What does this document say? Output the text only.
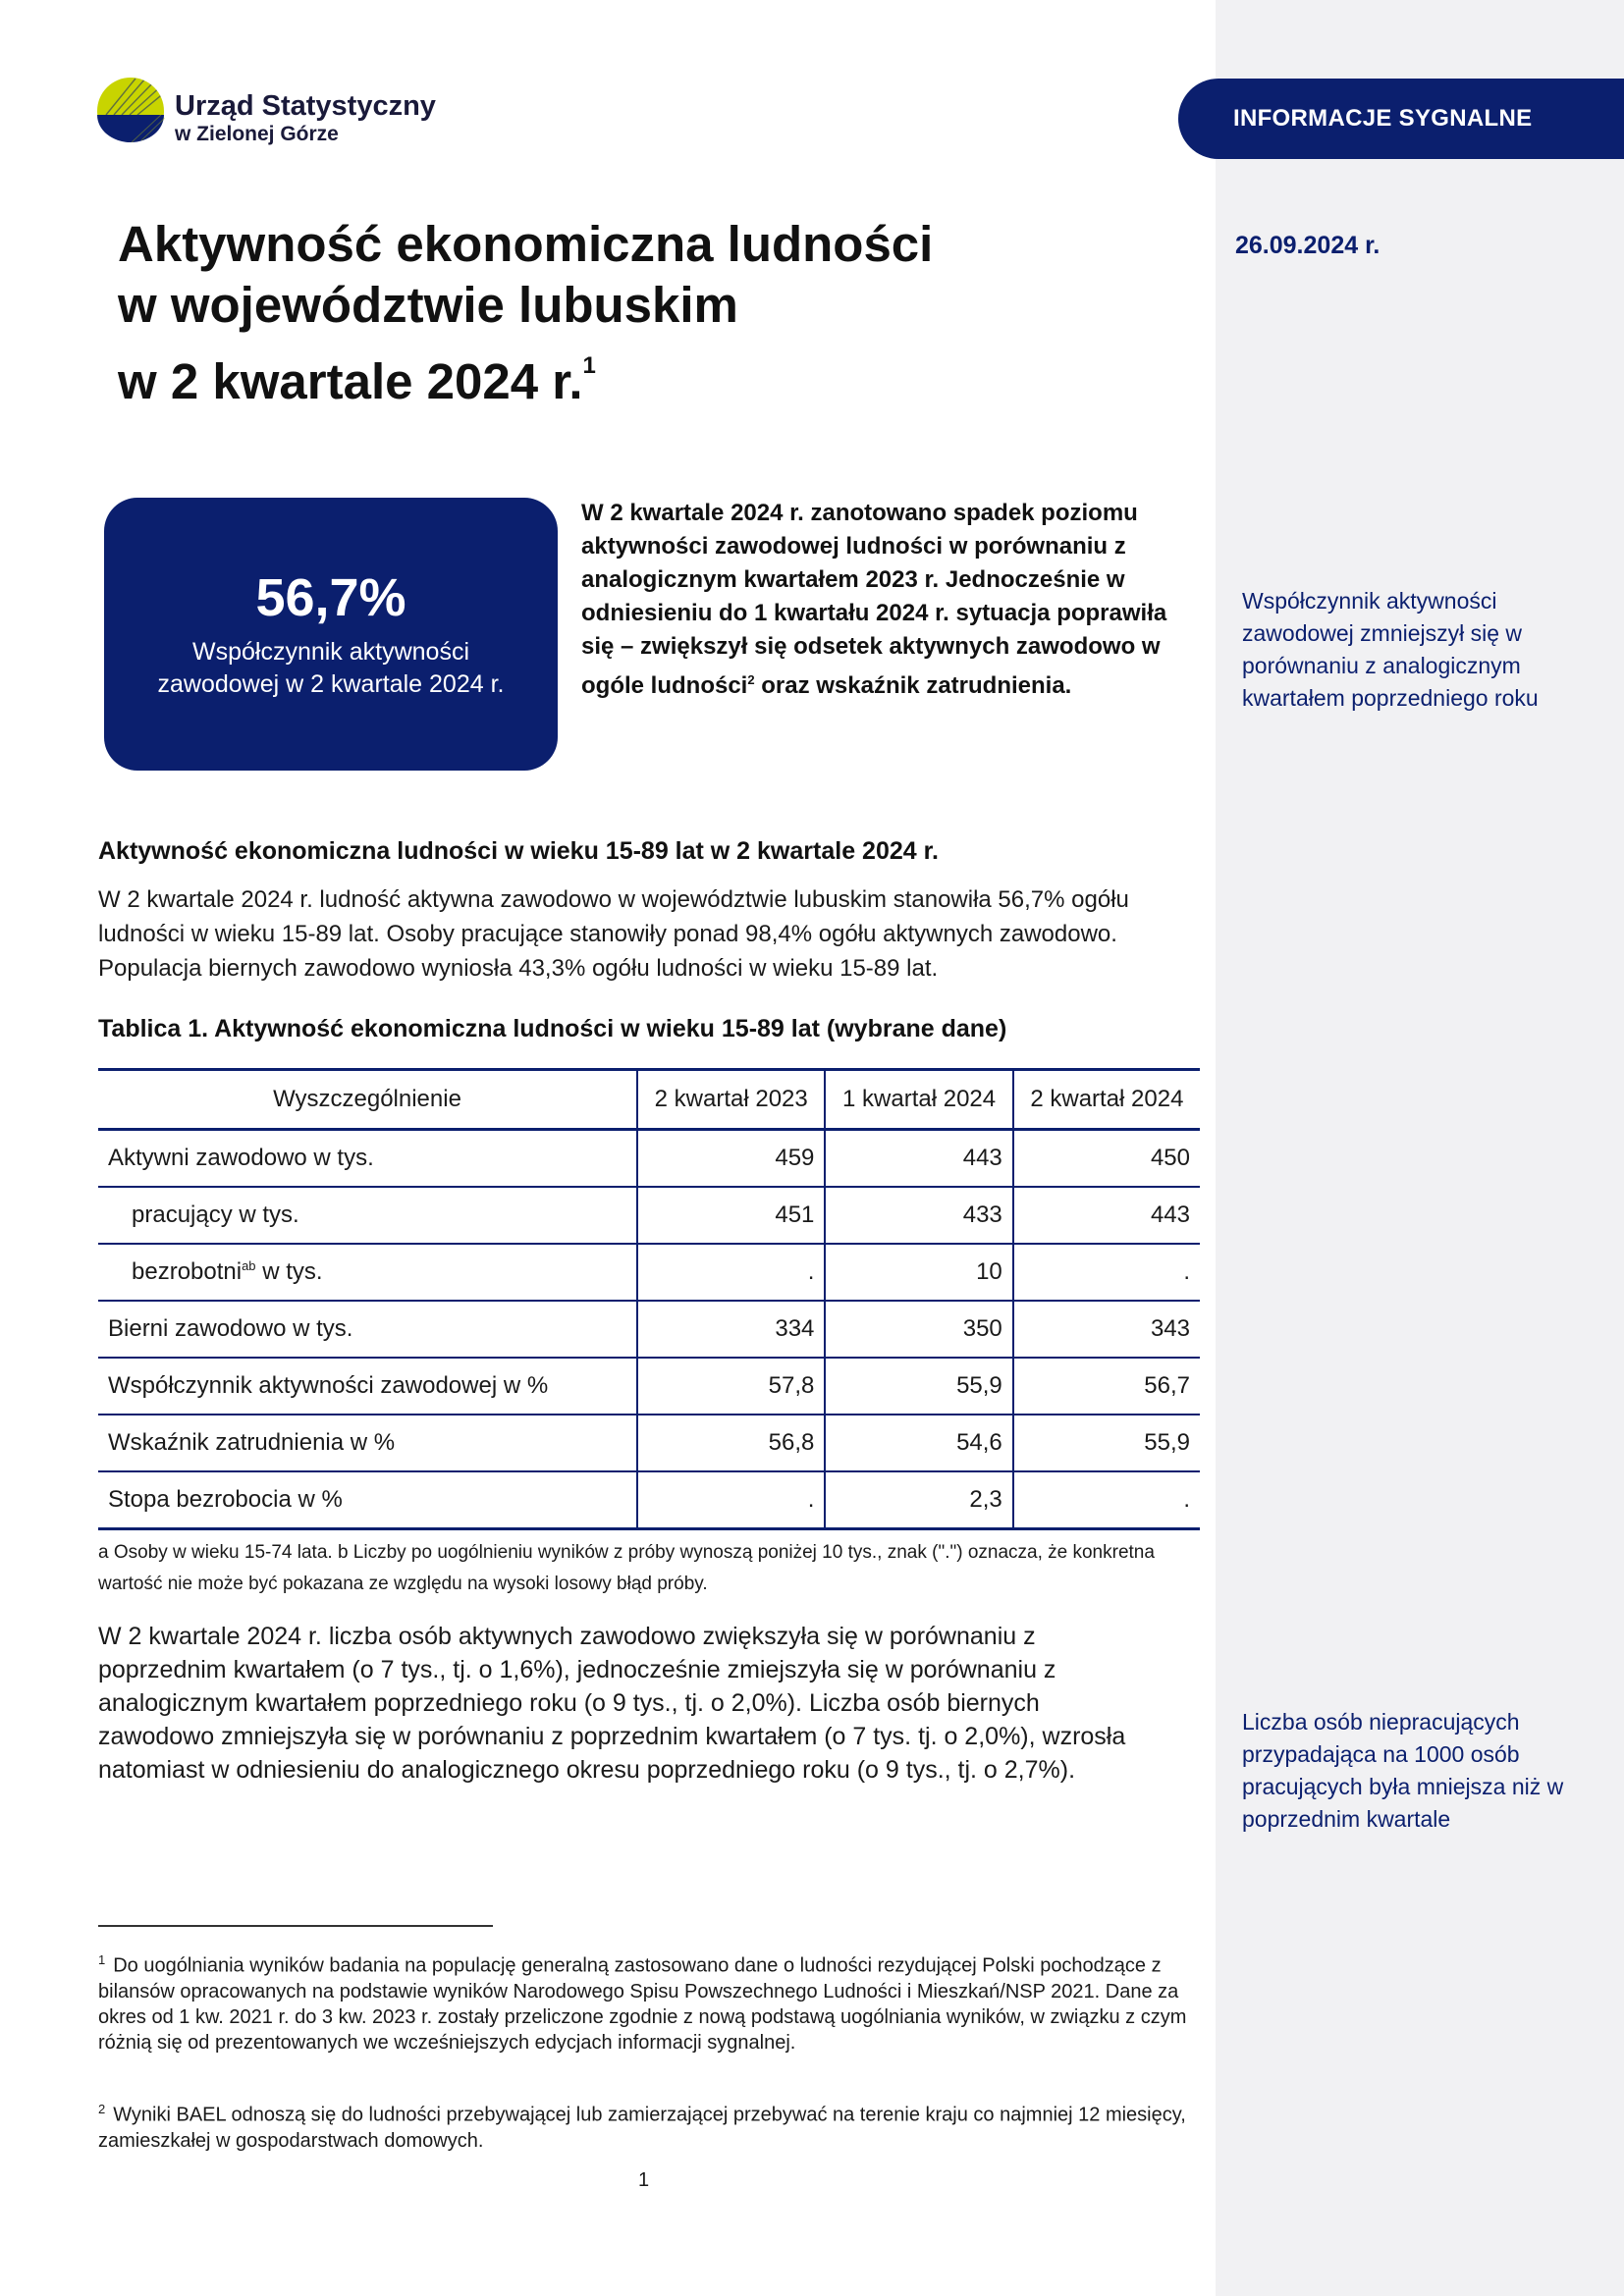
INFORMACJE SYGNALNE
26.09.2024 r.
Urząd Statystyczny
w Zielonej Górze

Aktywność ekonomiczna ludności

w województwie lubuskim

w 2 kwartale 2024 r.$^1$

56,7%
Współczynnik aktywności zawodowej w 2 kwartale 2024 r.

W 2 kwartale 2024 r. zanotowano spadek poziomu aktywności zawodowej ludności w porównaniu z analogicznym kwartałem 2023 r. Jednocześnie w odniesieniu do 1 kwartału 2024 r. sytuacja poprawiła się – zwiększył się odsetek aktywnych zawodowo w ogóle ludności$^2$ oraz wskaźnik zatrudnienia.

Współczynnik aktywności zawodowej zmniejszył się w porównaniu z analogicznym kwartałem poprzedniego roku
Liczba osób niepracujących przypadająca na 1000 osób pracujących była mniejsza niż w poprzednim kwartale
Aktywność ekonomiczna ludności w wieku 15-89 lat w 2 kwartale 2024 r.

W 2 kwartale 2024 r. ludność aktywna zawodowo w województwie lubuskim stanowiła 56,7% ogółu ludności w wieku 15-89 lat. Osoby pracujące stanowiły ponad 98,4% ogółu aktywnych zawodowo. Populacja biernych zawodowo wyniosła 43,3% ogółu ludności w wieku 15-89 lat.

Tablica 1. Aktywność ekonomiczna ludności w wieku 15-89 lat (wybrane dane)

Wyszczególnienie	2 kwartał 2023	1 kwartał 2024	2 kwartał 2024
Aktywni zawodowo w tys.	459	443	450
pracujący w tys.	451	433	443
bezrobotni$^{ab}$ w tys.	.	10	.
Bierni zawodowo w tys.	334	350	343
Współczynnik aktywności zawodowej w %	57,8	55,9	56,7
Wskaźnik zatrudnienia w %	56,8	54,6	55,9
Stopa bezrobocia w %	.	2,3	.

a Osoby w wieku 15-74 lata. b Liczby po uogólnieniu wyników z próby wynoszą poniżej 10 tys., znak (".") oznacza, że konkretna wartość nie może być pokazana ze względu na wysoki losowy błąd próby.

W 2 kwartale 2024 r. liczba osób aktywnych zawodowo zwiększyła się w porównaniu z poprzednim kwartałem (o 7 tys., tj. o 1,6%), jednocześnie zmiejszyła się w porównaniu z analogicznym kwartałem poprzedniego roku (o 9 tys., tj. o 2,0%). Liczba osób biernych zawodowo zmniejszyła się w porównaniu z poprzednim kwartałem (o 7 tys. tj. o 2,0%), wzrosła natomiast w odniesieniu do analogicznego okresu poprzedniego roku (o 9 tys., tj. o 2,7%).

$^1$ Do uogólniania wyników badania na populację generalną zastosowano dane o ludności rezydującej Polski pochodzące z bilansów opracowanych na podstawie wyników Narodowego Spisu Powszechnego Ludności i Mieszkań/NSP 2021. Dane za okres od 1 kw. 2021 r. do 3 kw. 2023 r. zostały przeliczone zgodnie z nową podstawą uogólniania wyników, w związku z czym różnią się od prezentowanych we wcześniejszych edycjach informacji sygnalnej.

$^2$ Wyniki BAEL odnoszą się do ludności przebywającej lub zamierzającej przebywać na terenie kraju co najmniej 12 miesięcy, zamieszkałej w gospodarstwach domowych.

1
